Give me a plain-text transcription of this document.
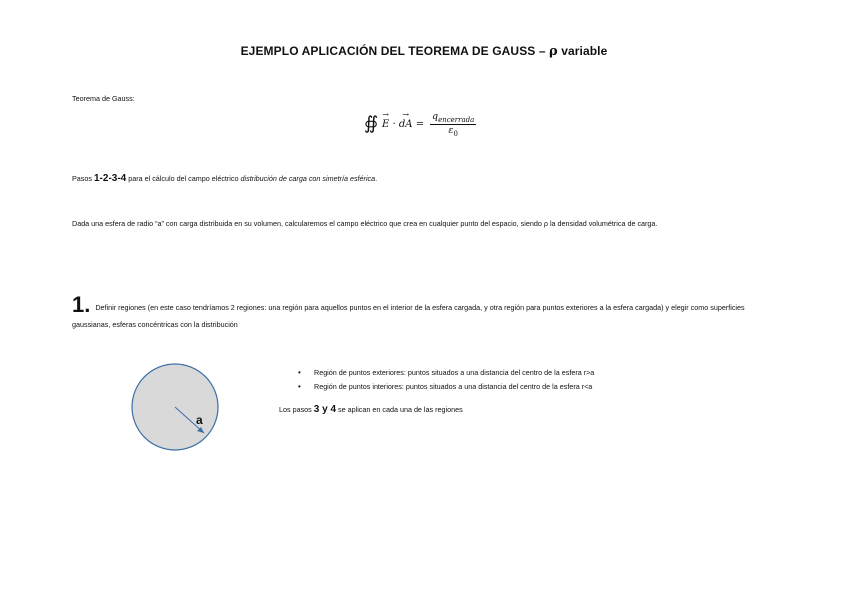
EJEMPLO APLICACIÓN DEL TEOREMA DE GAUSS – ρ variable
Teorema de Gauss:
∯ → E · → dA =
$q_{encerrada}$
$\varepsilon_0$
Pasos 1-2-3-4 para el cálculo del campo eléctrico distribución de carga con simetría esférica.
Dada una esfera de radio “a” con carga distribuida en su volumen, calcularemos el campo eléctrico que crea en cualquier punto del espacio, siendo ρ la densidad volumétrica de carga.
1. Definir regiones (en este caso tendríamos 2 regiones: una región para aquellos puntos en el interior de la esfera cargada, y otra región para puntos exteriores a la esfera cargada) y elegir como superficies gaussianas, esferas concéntricas con la distribución
• Región de puntos exteriores: puntos situados a una distancia del centro de la esfera r>a
• Región de puntos interiores: puntos situados a una distancia del centro de la esfera r<a
Los pasos 3 y 4 se aplican en cada una de las regiones
a
